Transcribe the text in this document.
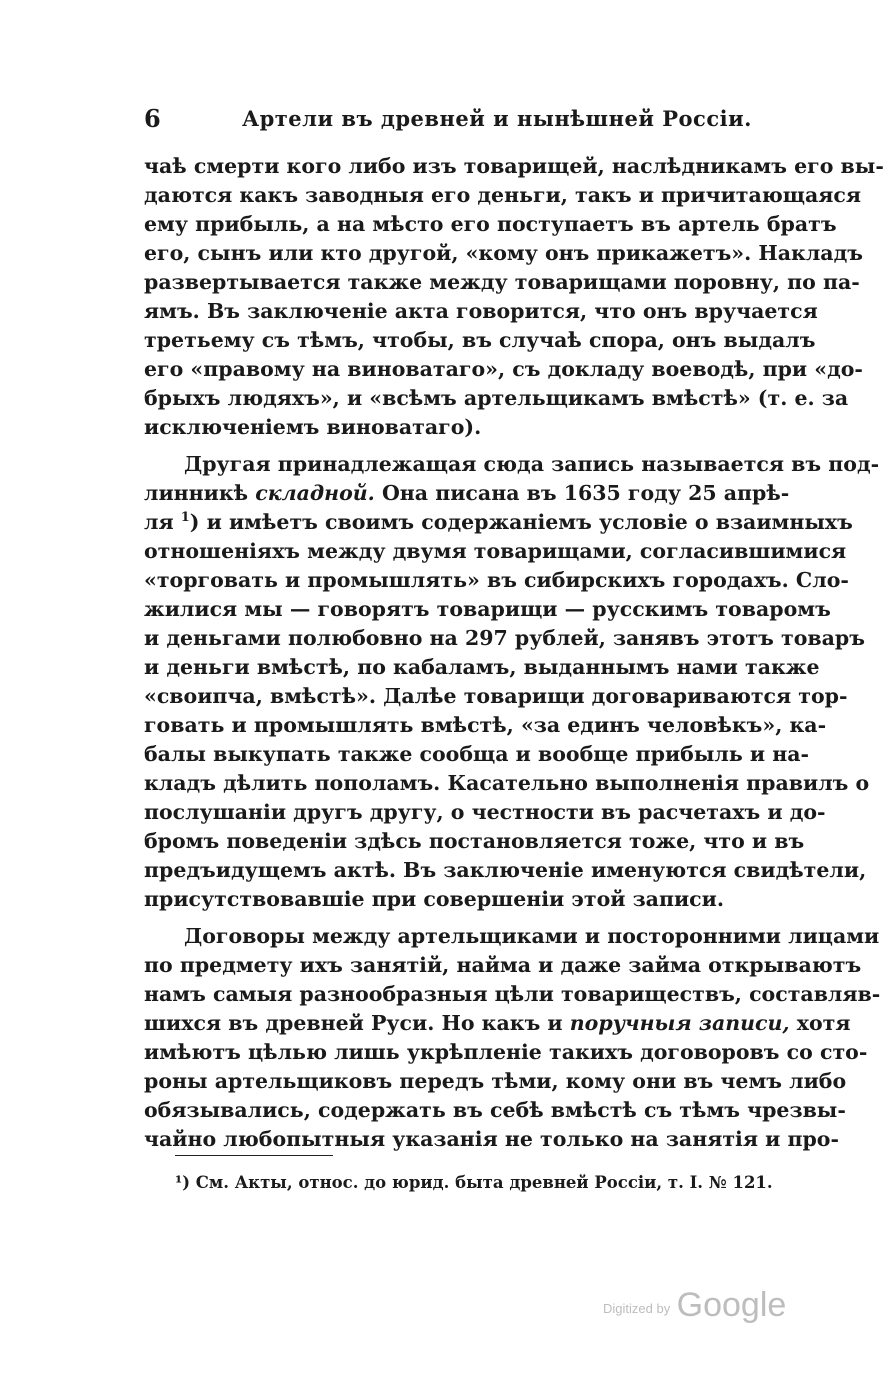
6	Артели въ древней и нынѣшней Россіи.
чаѣ смерти кого либо изъ товарищей, наслѣдникамъ его вы-
даются какъ заводныя его деньги, такъ и причитающаяся
ему прибыль, а на мѣсто его поступаетъ въ артель братъ
его, сынъ или кто другой, «кому онъ прикажетъ». Накладъ
развертывается также между товарищами поровну, по па-
ямъ. Въ заключеніе акта говорится, что онъ вручается
третьему съ тѣмъ, чтобы, въ случаѣ спора, онъ выдалъ
его «правому на виноватаго», съ докладу воеводѣ, при «до-
брыхъ людяхъ», и «всѣмъ артельщикамъ вмѣстѣ» (т. е. за
исключеніемъ виноватаго).
Другая принадлежащая сюда запись называется въ под-
линникѣ складной. Она писана въ 1635 году 25 апрѣ-
ля $^1$) и имѣетъ своимъ содержаніемъ условіе о взаимныхъ
отношеніяхъ между двумя товарищами, согласившимися
«торговать и промышлять» въ сибирскихъ городахъ. Сло-
жилися мы — говорятъ товарищи — русскимъ товаромъ
и деньгами полюбовно на 297 рублей, занявъ этотъ товаръ
и деньги вмѣстѣ, по кабаламъ, выданнымъ нами также
«своипча, вмѣстѣ». Далѣе товарищи договариваются тор-
говать и промышлять вмѣстѣ, «за единъ человѣкъ», ка-
балы выкупать также сообща и вообще прибыль и на-
кладъ дѣлить пополамъ. Касательно выполненія правилъ о
послушаніи другъ другу, о честности въ расчетахъ и до-
бромъ поведеніи здѣсь постановляется тоже, что и въ
предъидущемъ актѣ. Въ заключеніе именуются свидѣтели,
присутствовавшіе при совершеніи этой записи.
Договоры между артельщиками и посторонними лицами
по предмету ихъ занятій, найма и даже займа открываютъ
намъ самыя разнообразныя цѣли товариществъ, составляв-
шихся въ древней Руси. Но какъ и поручныя записи, хотя
имѣютъ цѣлью лишь укрѣпленіе такихъ договоровъ со сто-
роны артельщиковъ передъ тѣми, кому они въ чемъ либо
обязывались, содержать въ себѣ вмѣстѣ съ тѣмъ чрезвы-
чайно любопытныя указанія не только на занятія и про-
¹) См. Акты, относ. до юрид. быта древней Россіи, т. I. № 121.
Digitized by Google
